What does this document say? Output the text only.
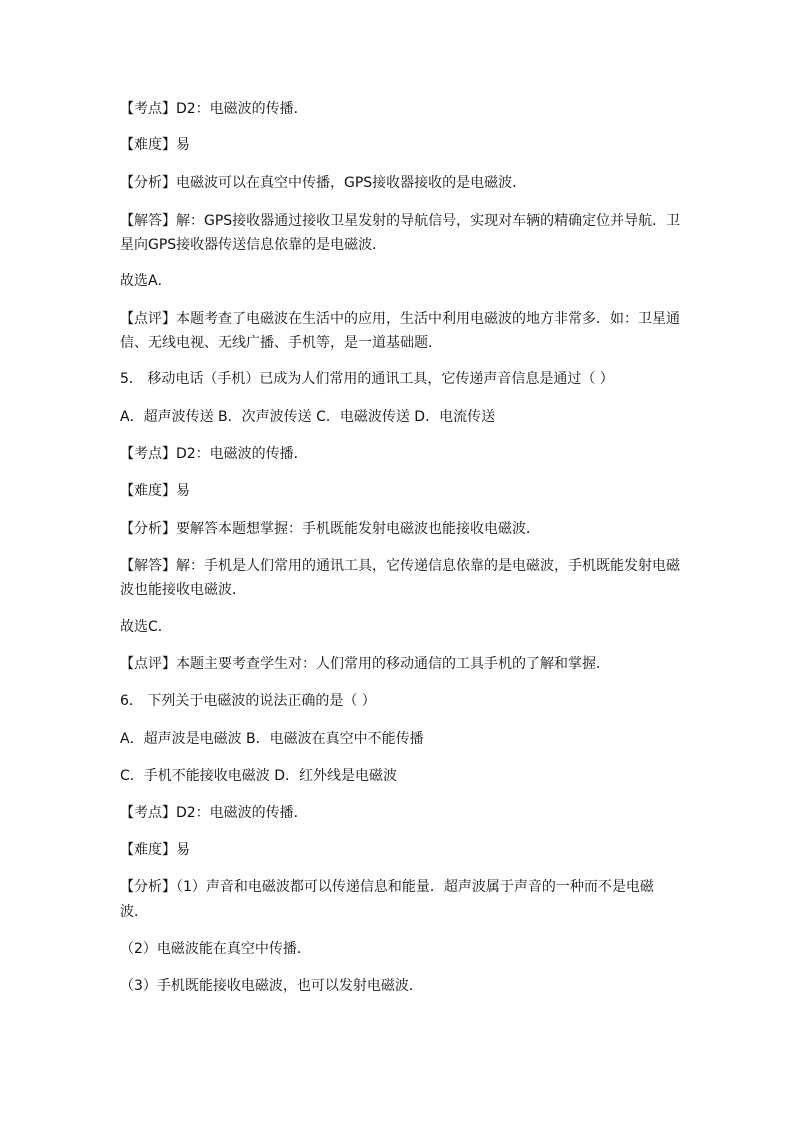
【考点】D2：电磁波的传播．
【难度】易
【分析】电磁波可以在真空中传播，GPS接收器接收的是电磁波．
【解答】解：GPS接收器通过接收卫星发射的导航信号，实现对车辆的精确定位并导航．卫
星向GPS接收器传送信息依靠的是电磁波．
故选A．
【点评】本题考查了电磁波在生活中的应用，生活中利用电磁波的地方非常多．如：卫星通
信、无线电视、无线广播、手机等，是一道基础题．
5． 移动电话（手机）已成为人们常用的通讯工具，它传递声音信息是通过（ ）
A．超声波传送 B．次声波传送 C．电磁波传送 D．电流传送
【考点】D2：电磁波的传播．
【难度】易
【分析】要解答本题想掌握：手机既能发射电磁波也能接收电磁波．
【解答】解：手机是人们常用的通讯工具，它传递信息依靠的是电磁波，手机既能发射电磁
波也能接收电磁波．
故选C．
【点评】本题主要考查学生对：人们常用的移动通信的工具手机的了解和掌握．
6． 下列关于电磁波的说法正确的是（ ）
A．超声波是电磁波 B．电磁波在真空中不能传播
C．手机不能接收电磁波 D．红外线是电磁波
【考点】D2：电磁波的传播．
【难度】易
【分析】（1）声音和电磁波都可以传递信息和能量．超声波属于声音的一种而不是电磁
波．
（2）电磁波能在真空中传播．
（3）手机既能接收电磁波，也可以发射电磁波．
